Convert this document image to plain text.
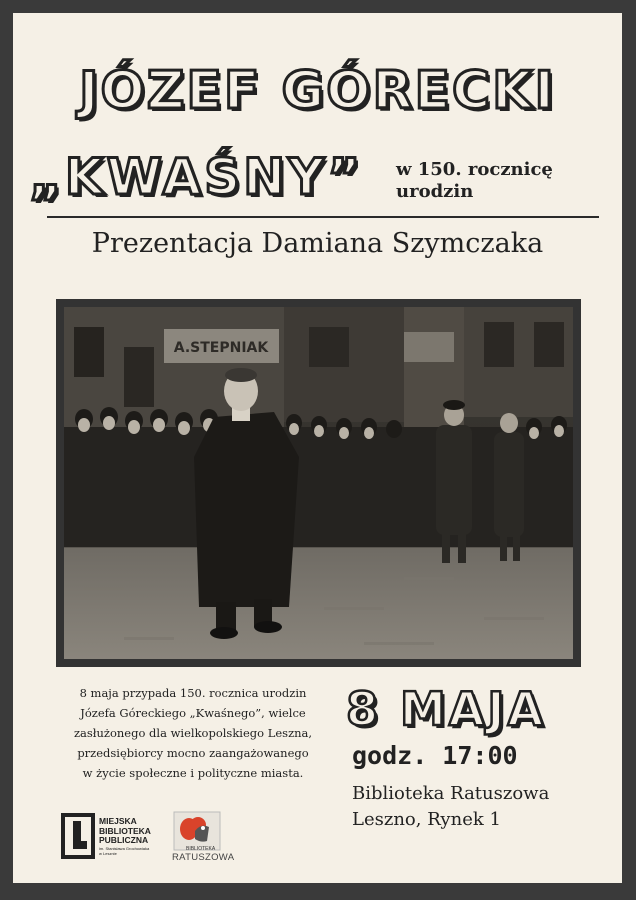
JÓZEF GÓRECKI
„KWAŚNY” w 150. rocznicę
urodzin
Prezentacja Damiana Szymczaka
A.STEPNIAK
8 maja przypada 150. rocznica urodzin
Józefa Góreckiego „Kwaśnego”, wielce
zasłużonego dla wielkopolskiego Leszna,
przedsiębiorcy mocno zaangażowanego
w życie społeczne i polityczne miasta.
8 MAJA
godz. 17:00
Biblioteka Ratuszowa
Leszno, Rynek 1
MIEJSKA
BIBLIOTEKA
PUBLICZNA
im. Stanisława Grochowiaka
w Lesznie
BIBLIOTEKA
RATUSZOWA
